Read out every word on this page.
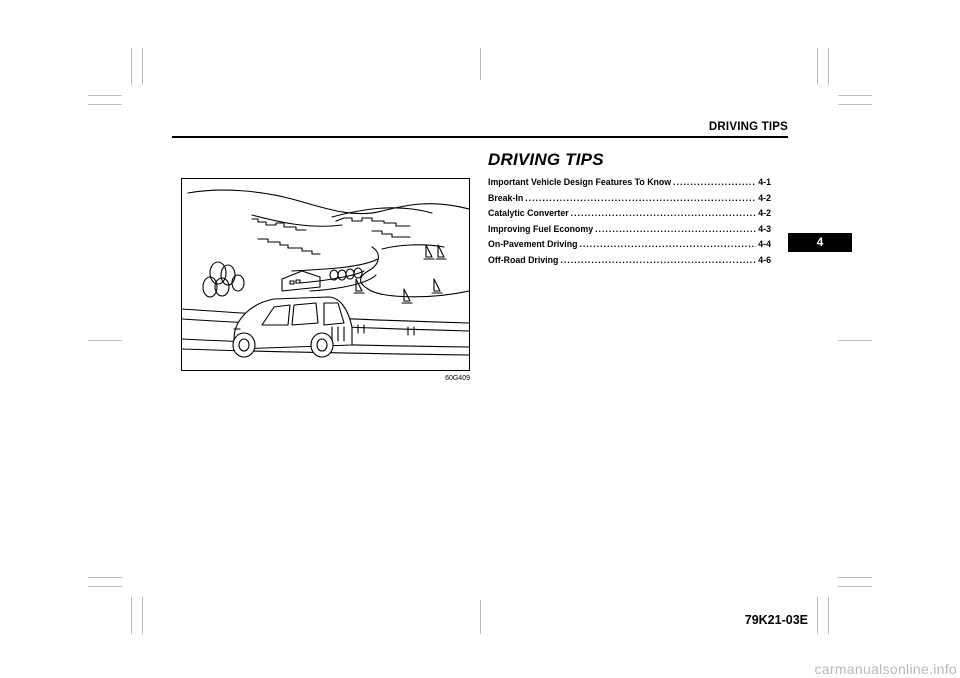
DRIVING TIPS
4
60G409
DRIVING TIPS
Important Vehicle Design Features To Know .....	4-1
Break-In .....	4-2
Catalytic Converter .....	4-2
Improving Fuel Economy .....	4-3
On-Pavement Driving .....	4-4
Off-Road Driving .....	4-6
79K21-03E
carmanualsonline.info
